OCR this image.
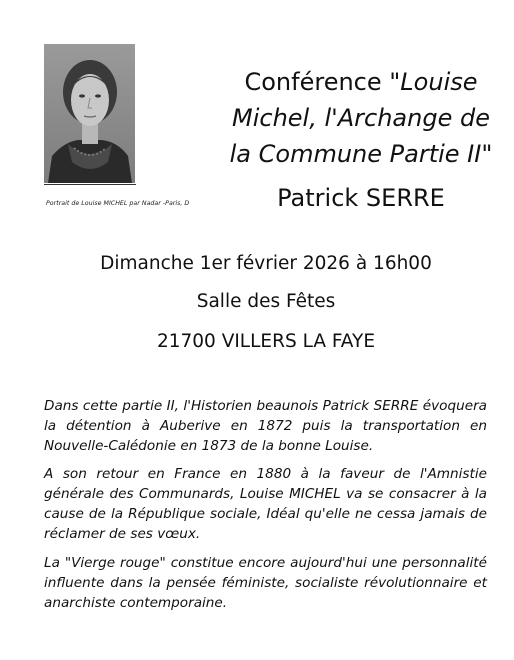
Portrait de Louise MICHEL par Nadar -Paris, D
Conférence "Louise Michel, l'Archange de la Commune Partie II"
Patrick SERRE
Dimanche 1er février 2026 à 16h00
Salle des Fêtes
21700 VILLERS LA FAYE

Dans cette partie II, l'Historien beaunois Patrick SERRE évoquera la détention à Auberive en 1872 puis la transportation en Nouvelle-Calédonie en 1873 de la bonne Louise.

A son retour en France en 1880 à la faveur de l'Amnistie générale des Communards, Louise MICHEL va se consacrer à la cause de la République sociale, Idéal qu'elle ne cessa jamais de réclamer de ses vœux.

La "Vierge rouge" constitue encore aujourd'hui une personnalité influente dans la pensée féministe, socialiste révolutionnaire et anarchiste contemporaine.
